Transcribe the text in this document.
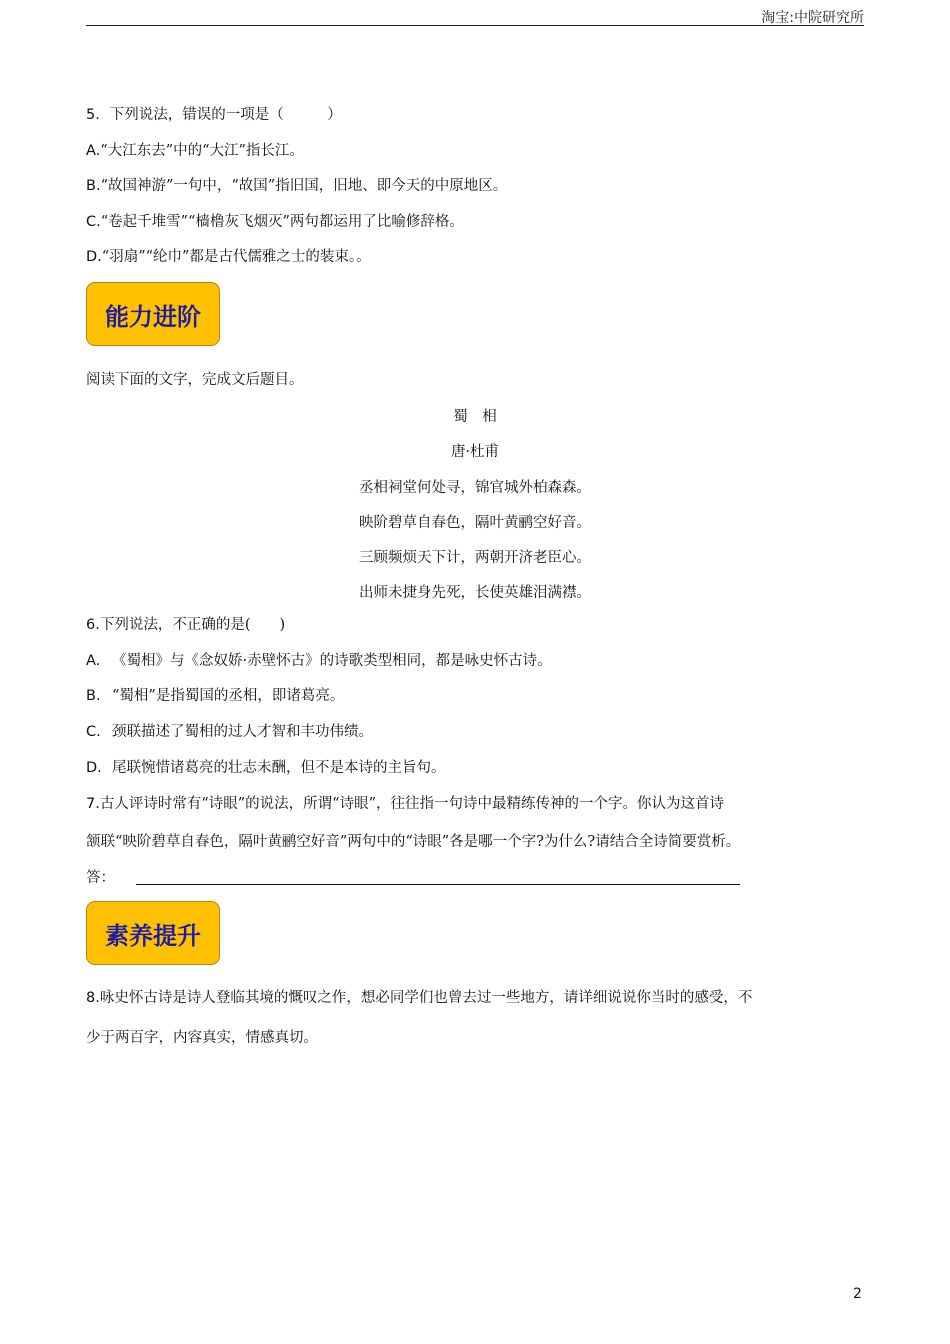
淘宝:中院研究所
5．下列说法，错误的一项是（　　　）
A.“大江东去”中的“大江”指长江。
B.“故国神游”一句中，“故国”指旧国，旧地、即今天的中原地区。
C.“卷起千堆雪”“樯橹灰飞烟灭”两句都运用了比喻修辞格。
D.“羽扇”“纶巾”都是古代儒雅之士的装束。。
能力进阶
阅读下面的文字，完成文后题目。
蜀　相
唐·杜甫
丞相祠堂何处寻，锦官城外柏森森。
映阶碧草自春色，隔叶黄鹂空好音。
三顾频烦天下计，两朝开济老臣心。
出师未捷身先死，长使英雄泪满襟。
6.下列说法，不正确的是(　　)
A. 《蜀相》与《念奴娇·赤壁怀古》的诗歌类型相同，都是咏史怀古诗。
B. “蜀相”是指蜀国的丞相，即诸葛亮。
C. 颈联描述了蜀相的过人才智和丰功伟绩。
D. 尾联惋惜诸葛亮的壮志未酬，但不是本诗的主旨句。
7.古人评诗时常有“诗眼”的说法，所谓“诗眼”，往往指一句诗中最精练传神的一个字。你认为这首诗
颔联“映阶碧草自春色，隔叶黄鹂空好音”两句中的“诗眼”各是哪一个字?为什么?请结合全诗简要赏析。
答：
素养提升
8.咏史怀古诗是诗人登临其境的慨叹之作，想必同学们也曾去过一些地方，请详细说说你当时的感受，不
少于两百字，内容真实，情感真切。
2
